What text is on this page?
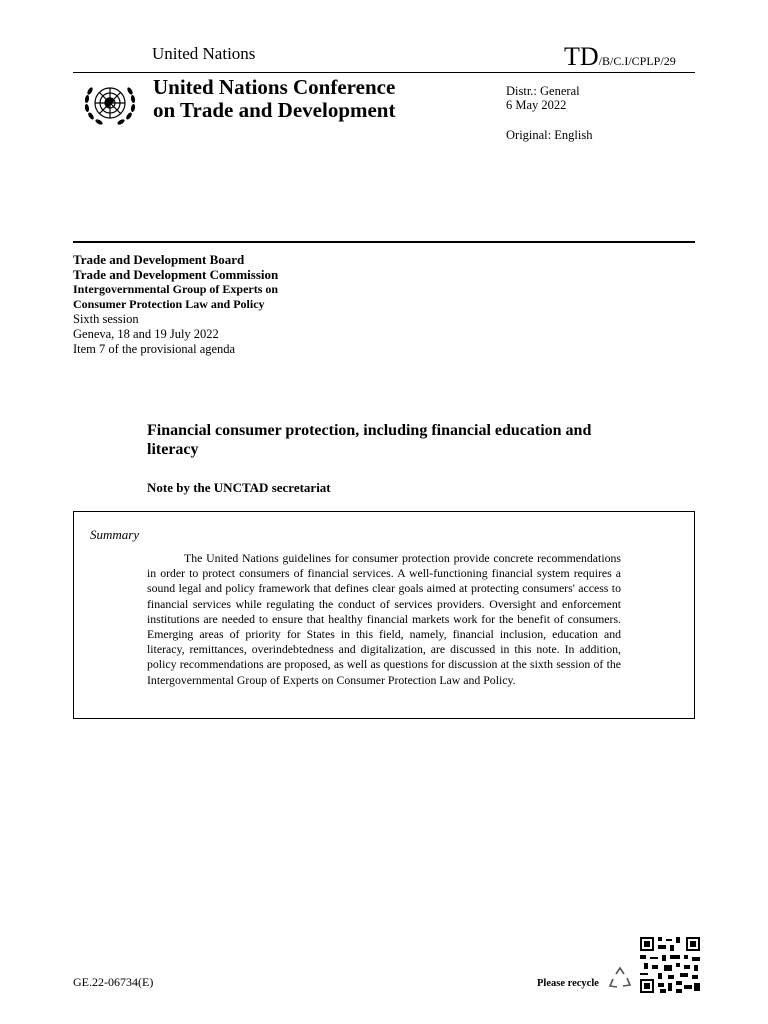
United Nations	TD/B/C.I/CPLP/29
United Nations Conference
on Trade and Development
Distr.: General
6 May 2022
Original: English
Trade and Development Board
Trade and Development Commission
Intergovernmental Group of Experts on
Consumer Protection Law and Policy
Sixth session
Geneva, 18 and 19 July 2022
Item 7 of the provisional agenda
Financial consumer protection, including financial education and literacy
Note by the UNCTAD secretariat
Summary
The United Nations guidelines for consumer protection provide concrete recommendations in order to protect consumers of financial services. A well-functioning financial system requires a sound legal and policy framework that defines clear goals aimed at protecting consumers' access to financial services while regulating the conduct of services providers. Oversight and enforcement institutions are needed to ensure that healthy financial markets work for the benefit of consumers. Emerging areas of priority for States in this field, namely, financial inclusion, education and literacy, remittances, overindebtedness and digitalization, are discussed in this note. In addition, policy recommendations are proposed, as well as questions for discussion at the sixth session of the Intergovernmental Group of Experts on Consumer Protection Law and Policy.
GE.22-06734(E)	Please recycle
